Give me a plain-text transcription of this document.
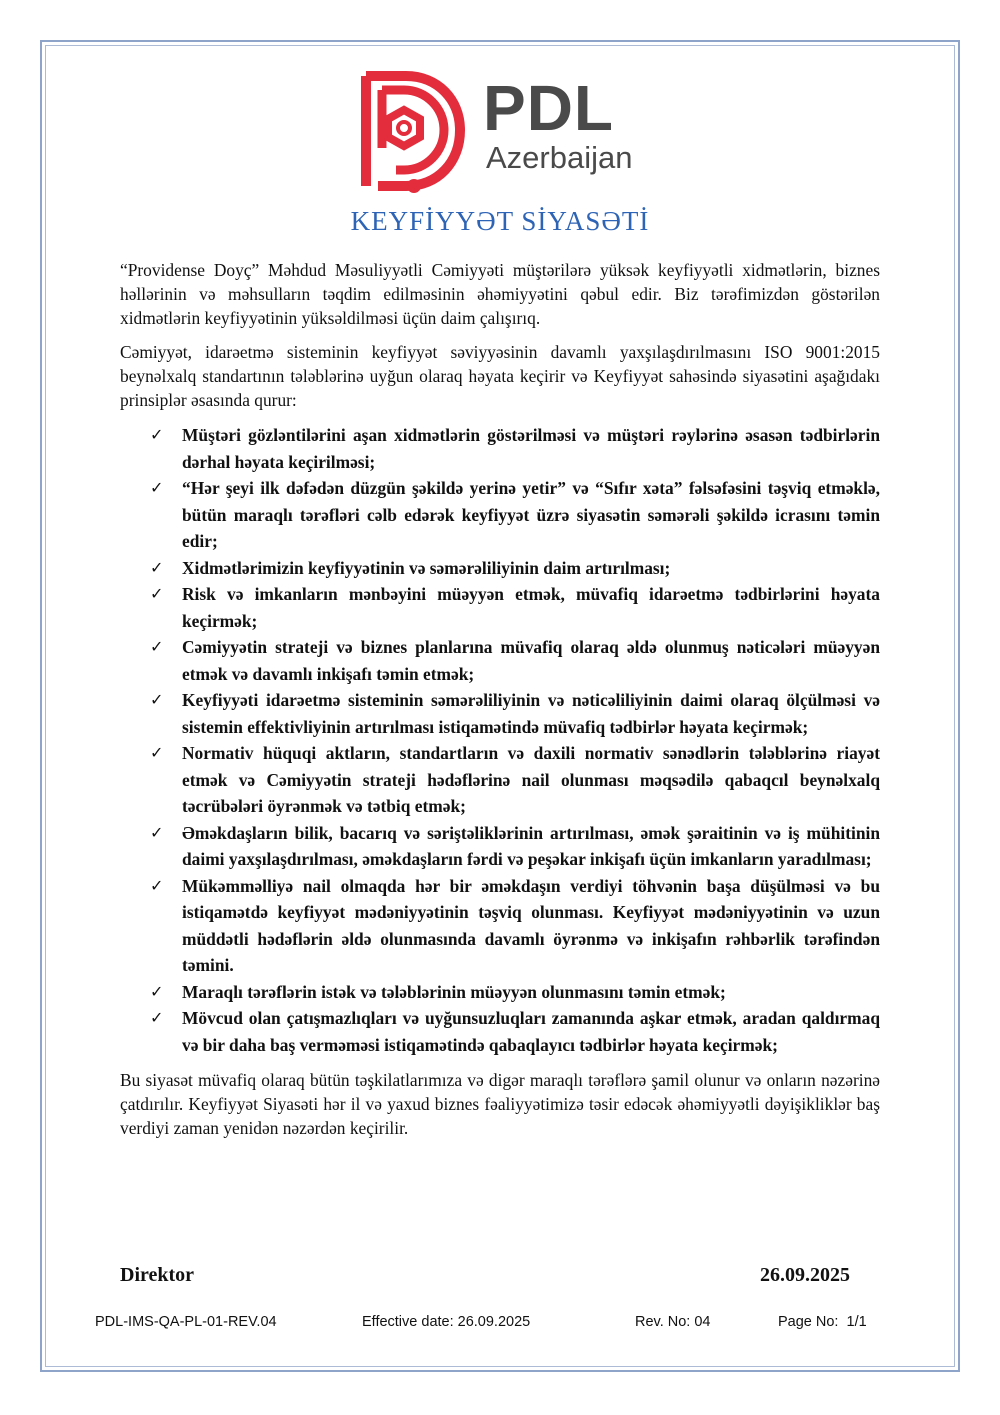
PDL
Azerbaijan
KEYFİYYƏT SİYASƏTİ

“Providense Doyç” Məhdud Məsuliyyətli Cəmiyyəti müştərilərə yüksək keyfiyyətli xidmətlərin, biznes həllərinin və məhsulların təqdim edilməsinin əhəmiyyətini qəbul edir. Biz tərəfimizdən göstərilən xidmətlərin keyfiyyətinin yüksəldilməsi üçün daim çalışırıq.

Cəmiyyət, idarəetmə sisteminin keyfiyyət səviyyəsinin davamlı yaxşılaşdırılmasını ISO 9001:2015 beynəlxalq standartının tələblərinə uyğun olaraq həyata keçirir və Keyfiyyət sahəsində siyasətini aşağıdakı prinsiplər əsasında qurur:

✓ Müştəri gözləntilərini aşan xidmətlərin göstərilməsi və müştəri rəylərinə əsasən tədbirlərin dərhal həyata keçirilməsi;
✓ “Hər şeyi ilk dəfədən düzgün şəkildə yerinə yetir” və “Sıfır xəta” fəlsəfəsini təşviq etməklə, bütün maraqlı tərəfləri cəlb edərək keyfiyyət üzrə siyasətin səmərəli şəkildə icrasını təmin edir;
✓ Xidmətlərimizin keyfiyyətinin və səmərəliliyinin daim artırılması;
✓ Risk və imkanların mənbəyini müəyyən etmək, müvafiq idarəetmə tədbirlərini həyata keçirmək;
✓ Cəmiyyətin strateji və biznes planlarına müvafiq olaraq əldə olunmuş nəticələri müəyyən etmək və davamlı inkişafı təmin etmək;
✓ Keyfiyyəti idarəetmə sisteminin səmərəliliyinin və nəticəliliyinin daimi olaraq ölçülməsi və sistemin effektivliyinin artırılması istiqamətində müvafiq tədbirlər həyata keçirmək;
✓ Normativ hüquqi aktların, standartların və daxili normativ sənədlərin tələblərinə riayət etmək və Cəmiyyətin strateji hədəflərinə nail olunması məqsədilə qabaqcıl beynəlxalq təcrübələri öyrənmək və tətbiq etmək;
✓ Əməkdaşların bilik, bacarıq və səriştəliklərinin artırılması, əmək şəraitinin və iş mühitinin daimi yaxşılaşdırılması, əməkdaşların fərdi və peşəkar inkişafı üçün imkanların yaradılması;
✓ Mükəmməlliyə nail olmaqda hər bir əməkdaşın verdiyi töhvənin başa düşülməsi və bu istiqamətdə keyfiyyət mədəniyyətinin təşviq olunması. Keyfiyyət mədəniyyətinin və uzun müddətli hədəflərin əldə olunmasında davamlı öyrənmə və inkişafın rəhbərlik tərəfindən təmini.
✓ Maraqlı tərəflərin istək və tələblərinin müəyyən olunmasını təmin etmək;
✓ Mövcud olan çatışmazlıqları və uyğunsuzluqları zamanında aşkar etmək, aradan qaldırmaq və bir daha baş verməməsi istiqamətində qabaqlayıcı tədbirlər həyata keçirmək;

Bu siyasət müvafiq olaraq bütün təşkilatlarımıza və digər maraqlı tərəflərə şamil olunur və onların nəzərinə çatdırılır. Keyfiyyət Siyasəti hər il və yaxud biznes fəaliyyətimizə təsir edəcək əhəmiyyətli dəyişikliklər baş verdiyi zaman yenidən nəzərdən keçirilir.

Direktor	26.09.2025
PDL-IMS-QA-PL-01-REV.04	Effective date: 26.09.2025	Rev. No: 04	Page No:  1/1
